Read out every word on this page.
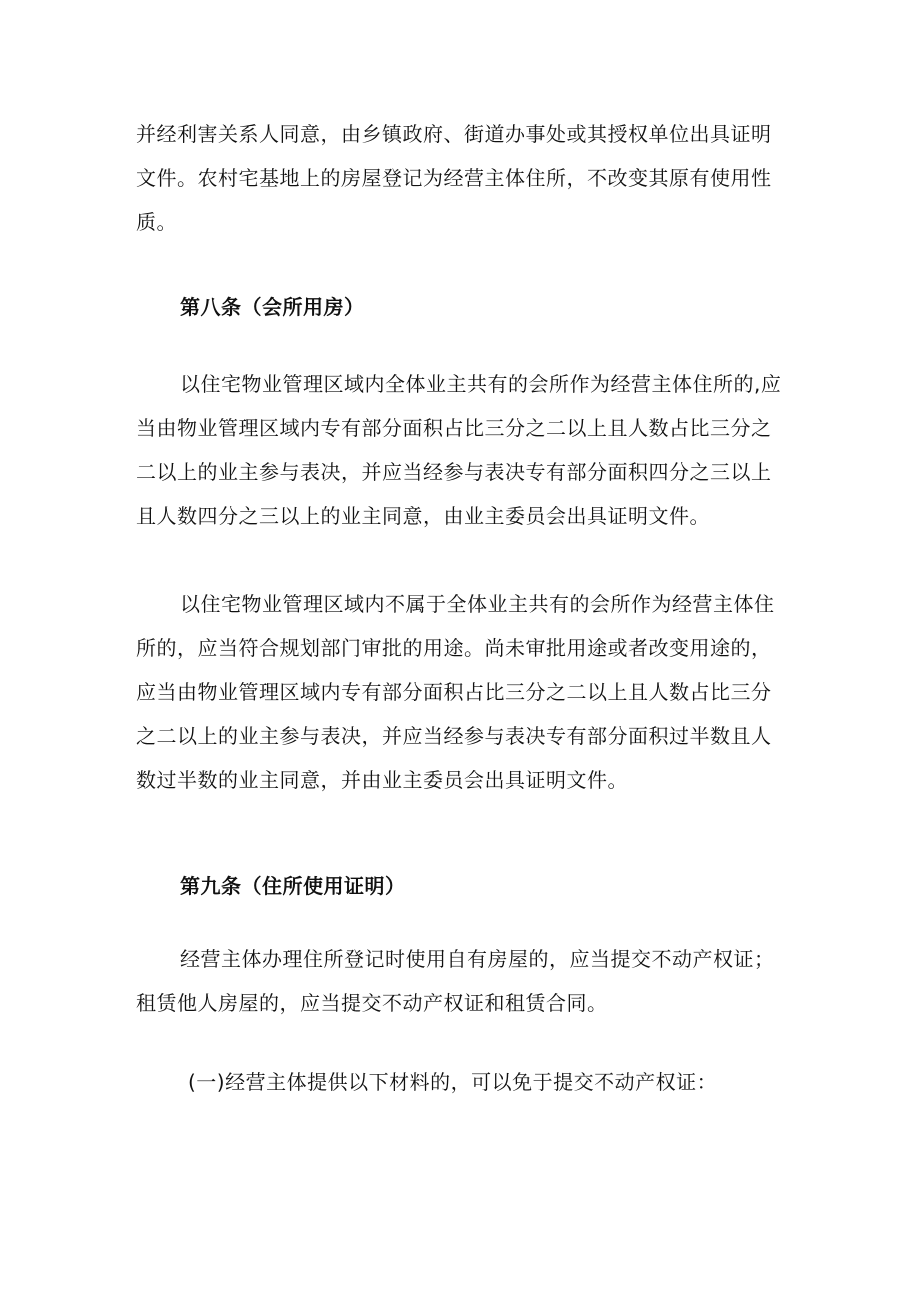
并经利害关系人同意，由乡镇政府、街道办事处或其授权单位出具证明
文件。农村宅基地上的房屋登记为经营主体住所，不改变其原有使用性
质。
第八条（会所用房）
以住宅物业管理区域内全体业主共有的会所作为经营主体住所的,应
当由物业管理区域内专有部分面积占比三分之二以上且人数占比三分之
二以上的业主参与表决，并应当经参与表决专有部分面积四分之三以上
且人数四分之三以上的业主同意，由业主委员会出具证明文件。
以住宅物业管理区域内不属于全体业主共有的会所作为经营主体住
所的，应当符合规划部门审批的用途。尚未审批用途或者改变用途的，
应当由物业管理区域内专有部分面积占比三分之二以上且人数占比三分
之二以上的业主参与表决，并应当经参与表决专有部分面积过半数且人
数过半数的业主同意，并由业主委员会出具证明文件。
第九条（住所使用证明）
经营主体办理住所登记时使用自有房屋的，应当提交不动产权证；
租赁他人房屋的，应当提交不动产权证和租赁合同。
(一)经营主体提供以下材料的，可以免于提交不动产权证：
